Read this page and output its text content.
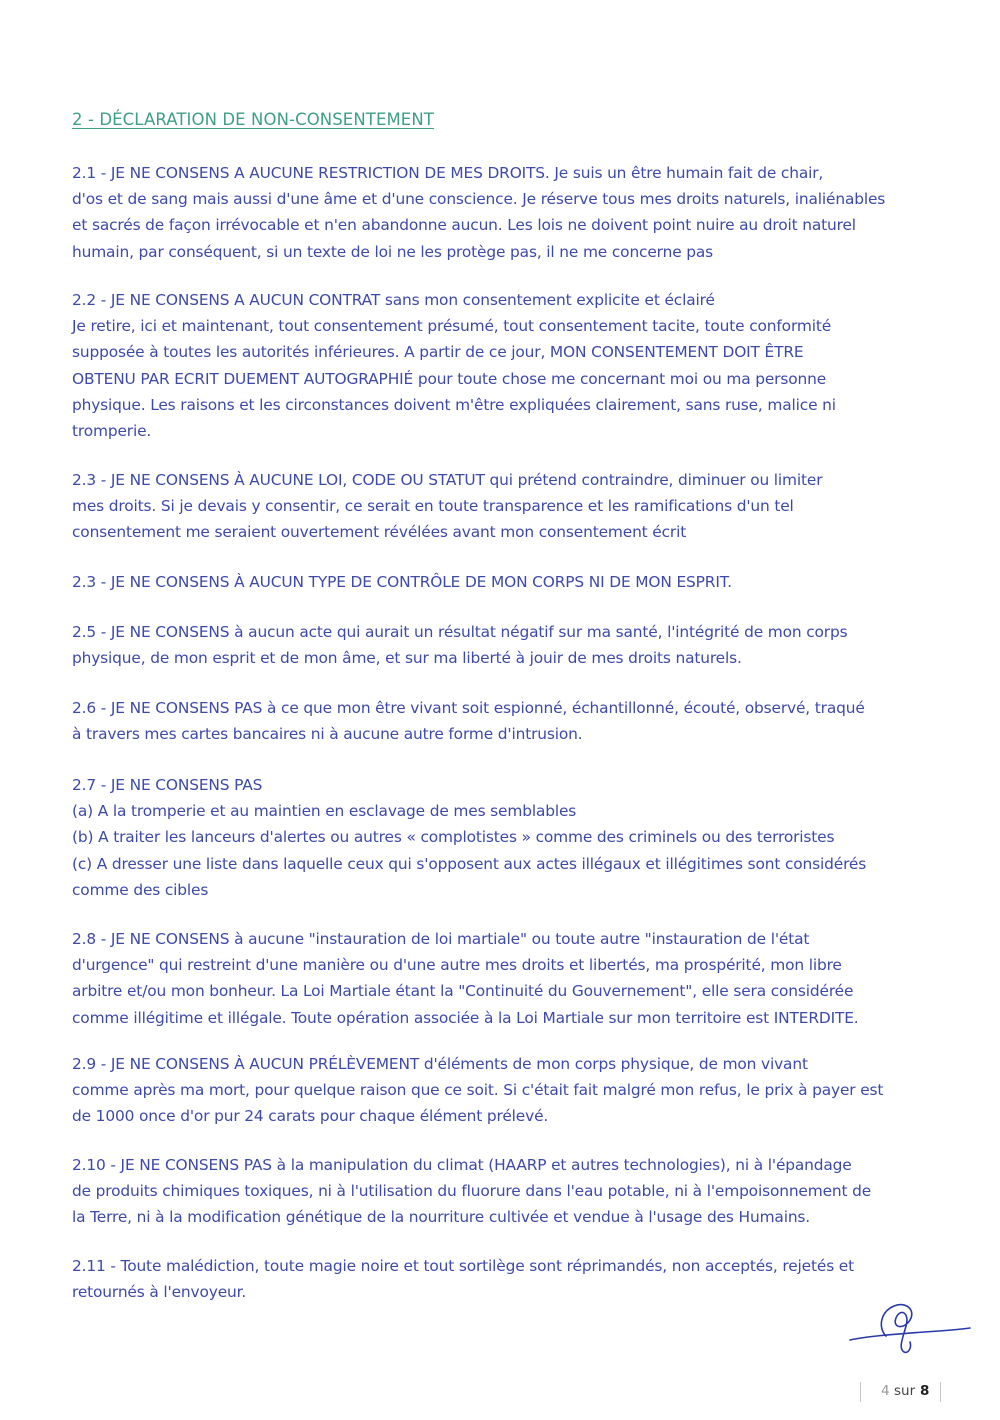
2 - DÉCLARATION DE NON-CONSENTEMENT
2.1 - JE NE CONSENS A AUCUNE RESTRICTION DE MES DROITS. Je suis un être humain fait de chair,
d'os et de sang mais aussi d'une âme et d'une conscience. Je réserve tous mes droits naturels, inaliénables
et sacrés de façon irrévocable et n'en abandonne aucun. Les lois ne doivent point nuire au droit naturel
humain, par conséquent, si un texte de loi ne les protège pas, il ne me concerne pas
2.2 - JE NE CONSENS A AUCUN CONTRAT sans mon consentement explicite et éclairé
Je retire, ici et maintenant, tout consentement présumé, tout consentement tacite, toute conformité
supposée à toutes les autorités inférieures. A partir de ce jour, MON CONSENTEMENT DOIT ÊTRE
OBTENU PAR ECRIT DUEMENT AUTOGRAPHIÉ pour toute chose me concernant moi ou ma personne
physique. Les raisons et les circonstances doivent m'être expliquées clairement, sans ruse, malice ni
tromperie.
2.3 - JE NE CONSENS À AUCUNE LOI, CODE OU STATUT qui prétend contraindre, diminuer ou limiter
mes droits. Si je devais y consentir, ce serait en toute transparence et les ramifications d'un tel
consentement me seraient ouvertement révélées avant mon consentement écrit
2.3 - JE NE CONSENS À AUCUN TYPE DE CONTRÔLE DE MON CORPS NI DE MON ESPRIT.
2.5 - JE NE CONSENS à aucun acte qui aurait un résultat négatif sur ma santé, l'intégrité de mon corps
physique, de mon esprit et de mon âme, et sur ma liberté à jouir de mes droits naturels.
2.6 - JE NE CONSENS PAS à ce que mon être vivant soit espionné, échantillonné, écouté, observé, traqué
à travers mes cartes bancaires ni à aucune autre forme d'intrusion.
2.7 - JE NE CONSENS PAS
(a) A la tromperie et au maintien en esclavage de mes semblables
(b) A traiter les lanceurs d'alertes ou autres « complotistes » comme des criminels ou des terroristes
(c) A dresser une liste dans laquelle ceux qui s'opposent aux actes illégaux et illégitimes sont considérés
comme des cibles
2.8 - JE NE CONSENS à aucune "instauration de loi martiale" ou toute autre "instauration de l'état
d'urgence" qui restreint d'une manière ou d'une autre mes droits et libertés, ma prospérité, mon libre
arbitre et/ou mon bonheur. La Loi Martiale étant la "Continuité du Gouvernement", elle sera considérée
comme illégitime et illégale. Toute opération associée à la Loi Martiale sur mon territoire est INTERDITE.
2.9 - JE NE CONSENS À AUCUN PRÉLÈVEMENT d'éléments de mon corps physique, de mon vivant
comme après ma mort, pour quelque raison que ce soit. Si c'était fait malgré mon refus, le prix à payer est
de 1000 once d'or pur 24 carats pour chaque élément prélevé.
2.10 - JE NE CONSENS PAS à la manipulation du climat (HAARP et autres technologies), ni à l'épandage
de produits chimiques toxiques, ni à l'utilisation du fluorure dans l'eau potable, ni à l'empoisonnement de
la Terre, ni à la modification génétique de la nourriture cultivée et vendue à l'usage des Humains.
2.11 - Toute malédiction, toute magie noire et tout sortilège sont réprimandés, non acceptés, rejetés et
retournés à l'envoyeur.
4 sur 8
